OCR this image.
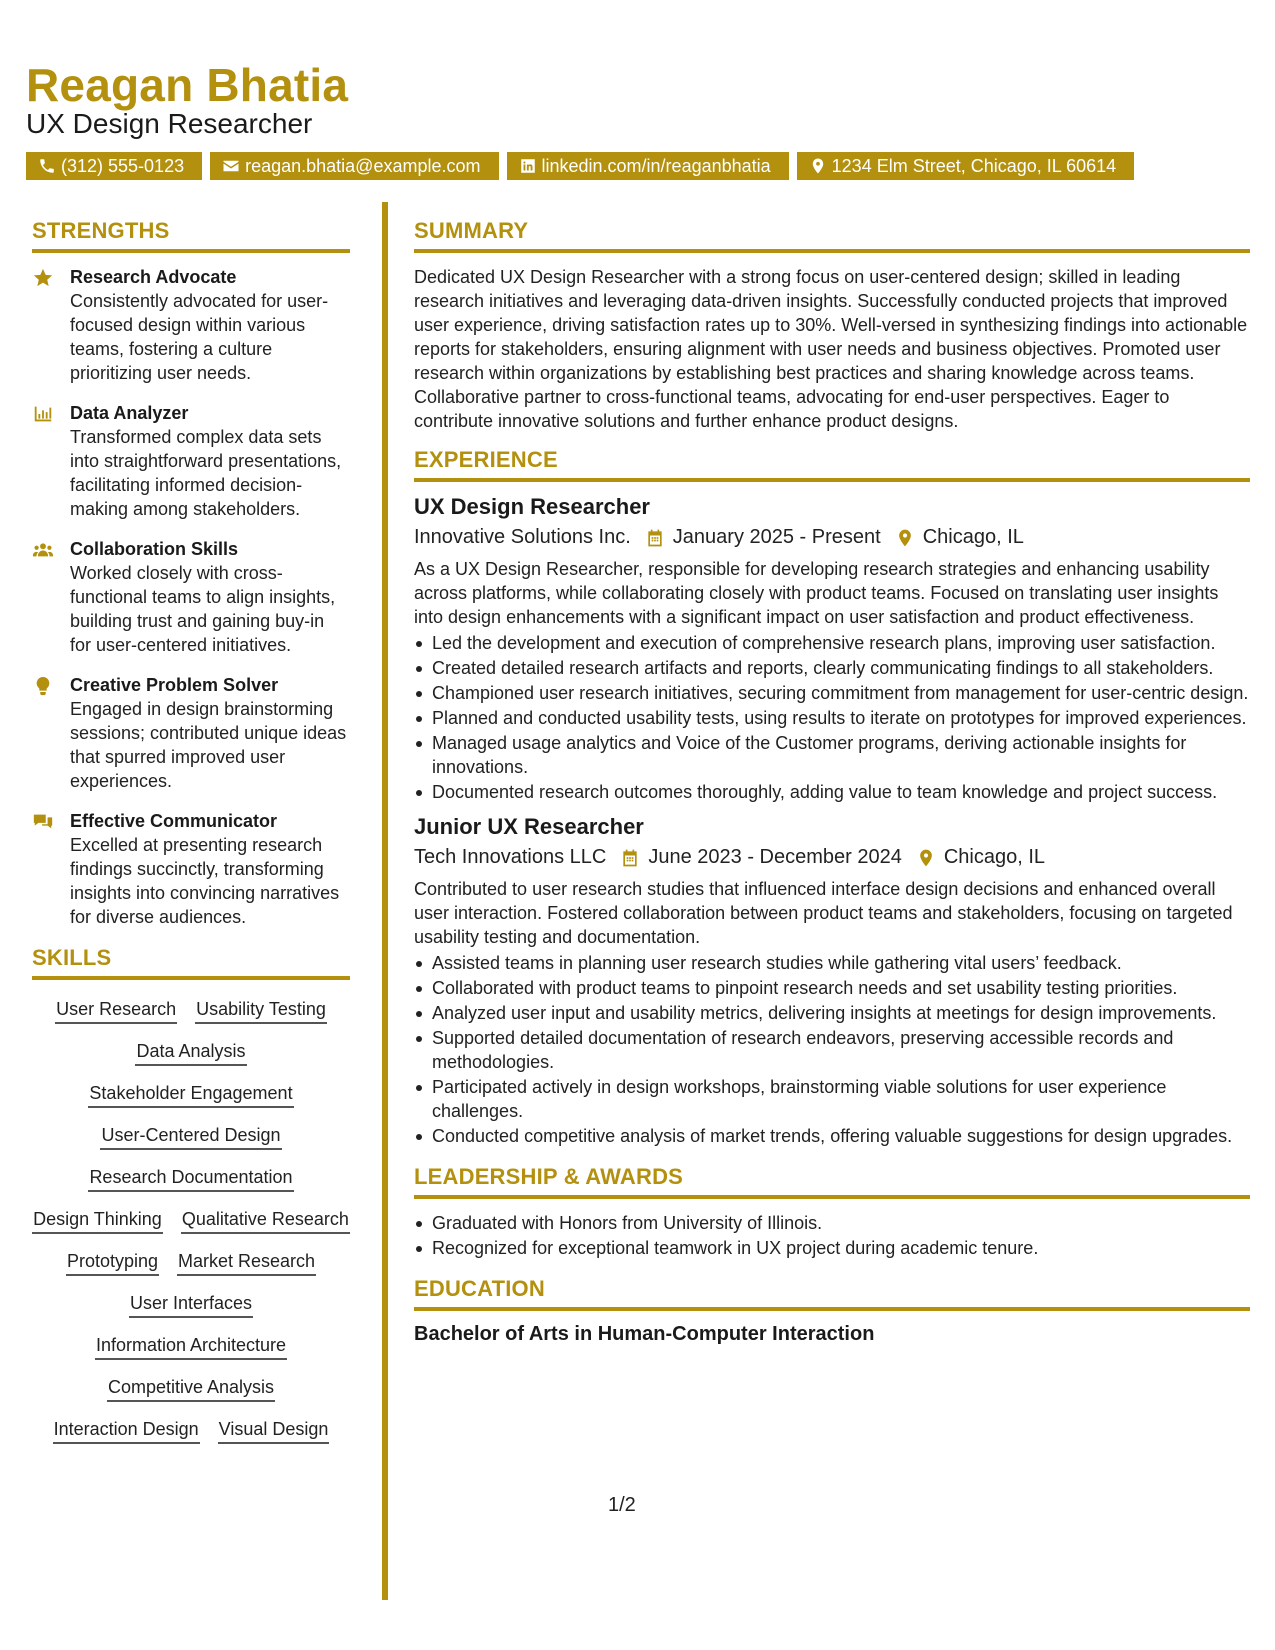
Reagan Bhatia
UX Design Researcher
(312) 555-0123	reagan.bhatia@example.com	linkedin.com/in/reaganbhatia	1234 Elm Street, Chicago, IL 60614
STRENGTHS
Research Advocate
Consistently advocated for user-focused design within various teams, fostering a culture prioritizing user needs.
Data Analyzer
Transformed complex data sets into straightforward presentations, facilitating informed decision-making among stakeholders.
Collaboration Skills
Worked closely with cross-functional teams to align insights, building trust and gaining buy-in for user-centered initiatives.
Creative Problem Solver
Engaged in design brainstorming sessions; contributed unique ideas that spurred improved user experiences.
Effective Communicator
Excelled at presenting research findings succinctly, transforming insights into convincing narratives for diverse audiences.
SKILLS
User Research Usability Testing
Data Analysis
Stakeholder Engagement
User-Centered Design
Research Documentation
Design Thinking Qualitative Research
Prototyping Market Research
User Interfaces
Information Architecture
Competitive Analysis
Interaction Design Visual Design
SUMMARY
Dedicated UX Design Researcher with a strong focus on user-centered design; skilled in leading research initiatives and leveraging data-driven insights. Successfully conducted projects that improved user experience, driving satisfaction rates up to 30%. Well-versed in synthesizing findings into actionable reports for stakeholders, ensuring alignment with user needs and business objectives. Promoted user research within organizations by establishing best practices and sharing knowledge across teams. Collaborative partner to cross-functional teams, advocating for end-user perspectives. Eager to contribute innovative solutions and further enhance product designs.
EXPERIENCE
UX Design Researcher
Innovative Solutions Inc. January 2025 - Present Chicago, IL
As a UX Design Researcher, responsible for developing research strategies and enhancing usability across platforms, while collaborating closely with product teams. Focused on translating user insights into design enhancements with a significant impact on user satisfaction and product effectiveness.
Led the development and execution of comprehensive research plans, improving user satisfaction.
Created detailed research artifacts and reports, clearly communicating findings to all stakeholders.
Championed user research initiatives, securing commitment from management for user-centric design.
Planned and conducted usability tests, using results to iterate on prototypes for improved experiences.
Managed usage analytics and Voice of the Customer programs, deriving actionable insights for innovations.
Documented research outcomes thoroughly, adding value to team knowledge and project success.
Junior UX Researcher
Tech Innovations LLC June 2023 - December 2024 Chicago, IL
Contributed to user research studies that influenced interface design decisions and enhanced overall user interaction. Fostered collaboration between product teams and stakeholders, focusing on targeted usability testing and documentation.
Assisted teams in planning user research studies while gathering vital users’ feedback.
Collaborated with product teams to pinpoint research needs and set usability testing priorities.
Analyzed user input and usability metrics, delivering insights at meetings for design improvements.
Supported detailed documentation of research endeavors, preserving accessible records and methodologies.
Participated actively in design workshops, brainstorming viable solutions for user experience challenges.
Conducted competitive analysis of market trends, offering valuable suggestions for design upgrades.
LEADERSHIP & AWARDS
Graduated with Honors from University of Illinois.
Recognized for exceptional teamwork in UX project during academic tenure.
EDUCATION
Bachelor of Arts in Human-Computer Interaction
1/2
